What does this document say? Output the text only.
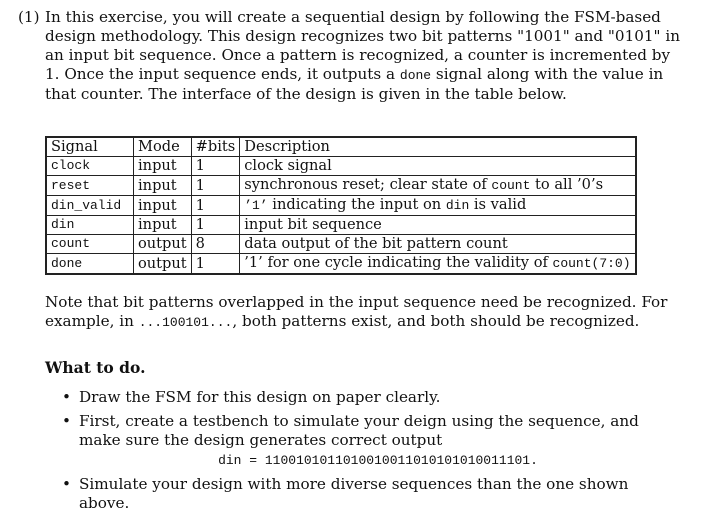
(1) In this exercise, you will create a sequential design by following the FSM-based design methodology. This design recognizes two bit patterns "1001" and "0101" in an input bit sequence. Once a pattern is recognized, a counter is incremented by 1. Once the input sequence ends, it outputs a done signal along with the value in that counter. The interface of the design is given in the table below.
Signal	Mode	#bits	Description
clock	input	1	clock signal
reset	input	1	synchronous reset; clear state of count to all ’0’s
din_valid	input	1	’1’ indicating the input on din is valid
din	input	1	input bit sequence
count	output	8	data output of the bit pattern count
done	output	1	’1’ for one cycle indicating the validity of count(7:0)
Note that bit patterns overlapped in the input sequence need be recognized. For example, in ...100101..., both patterns exist, and both should be recognized.
What to do.
• Draw the FSM for this design on paper clearly.
• First, create a testbench to simulate your deign using the sequence, and make sure the design generates correct output
din = 1100101011010010011010101010011101.
• Simulate your design with more diverse sequences than the one shown above.
